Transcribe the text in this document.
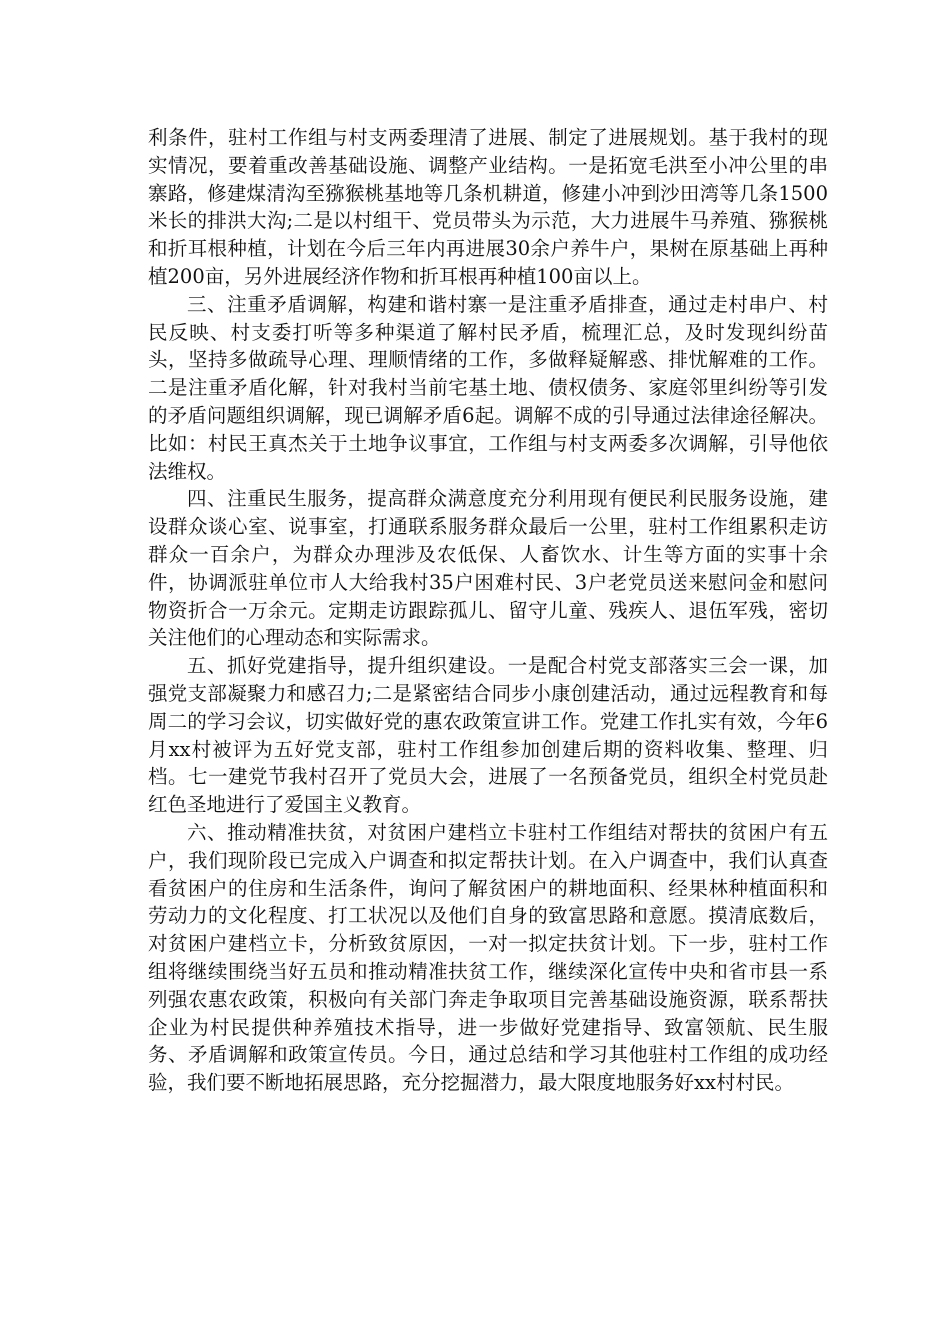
利条件，驻村工作组与村支两委理清了进展、制定了进展规划。基于我村的现实情况，要着重改善基础设施、调整产业结构。一是拓宽毛洪至小冲公里的串寨路，修建煤清沟至猕猴桃基地等几条机耕道，修建小冲到沙田湾等几条1500米长的排洪大沟;二是以村组干、党员带头为示范，大力进展牛马养殖、猕猴桃和折耳根种植，计划在今后三年内再进展30余户养牛户，果树在原基础上再种植200亩，另外进展经济作物和折耳根再种植100亩以上。

三、注重矛盾调解，构建和谐村寨一是注重矛盾排查，通过走村串户、村民反映、村支委打听等多种渠道了解村民矛盾，梳理汇总，及时发现纠纷苗头，坚持多做疏导心理、理顺情绪的工作，多做释疑解惑、排忧解难的工作。二是注重矛盾化解，针对我村当前宅基土地、债权债务、家庭邻里纠纷等引发的矛盾问题组织调解，现已调解矛盾6起。调解不成的引导通过法律途径解决。比如：村民王真杰关于土地争议事宜，工作组与村支两委多次调解，引导他依法维权。

四、注重民生服务，提高群众满意度充分利用现有便民利民服务设施，建设群众谈心室、说事室，打通联系服务群众最后一公里，驻村工作组累积走访群众一百余户，为群众办理涉及农低保、人畜饮水、计生等方面的实事十余件，协调派驻单位市人大给我村35户困难村民、3户老党员送来慰问金和慰问物资折合一万余元。定期走访跟踪孤儿、留守儿童、残疾人、退伍军残，密切关注他们的心理动态和实际需求。

五、抓好党建指导，提升组织建设。一是配合村党支部落实三会一课，加强党支部凝聚力和感召力;二是紧密结合同步小康创建活动，通过远程教育和每周二的学习会议，切实做好党的惠农政策宣讲工作。党建工作扎实有效，今年6月xx村被评为五好党支部，驻村工作组参加创建后期的资料收集、整理、归档。七一建党节我村召开了党员大会，进展了一名预备党员，组织全村党员赴红色圣地进行了爱国主义教育。

六、推动精准扶贫，对贫困户建档立卡驻村工作组结对帮扶的贫困户有五户，我们现阶段已完成入户调查和拟定帮扶计划。在入户调查中，我们认真查看贫困户的住房和生活条件，询问了解贫困户的耕地面积、经果林种植面积和劳动力的文化程度、打工状况以及他们自身的致富思路和意愿。摸清底数后，对贫困户建档立卡，分析致贫原因，一对一拟定扶贫计划。下一步，驻村工作组将继续围绕当好五员和推动精准扶贫工作，继续深化宣传中央和省市县一系列强农惠农政策，积极向有关部门奔走争取项目完善基础设施资源，联系帮扶企业为村民提供种养殖技术指导，进一步做好党建指导、致富领航、民生服务、矛盾调解和政策宣传员。今日，通过总结和学习其他驻村工作组的成功经验，我们要不断地拓展思路，充分挖掘潜力，最大限度地服务好xx村村民。
